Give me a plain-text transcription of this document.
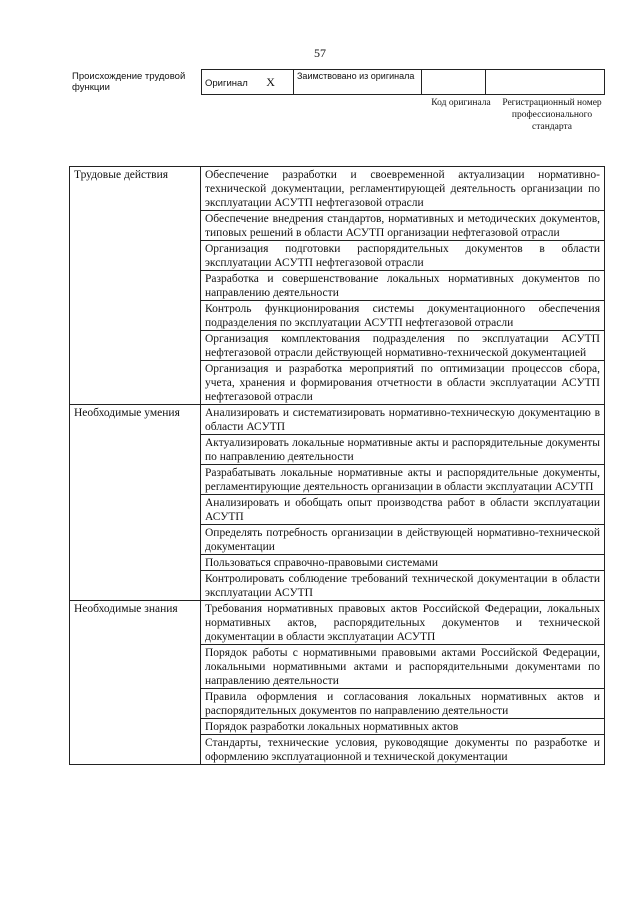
57
Происхождение трудовой функции	Оригинал X	Заимствовано из оригинала		
Код оригинала	Регистрационный номер профессионального стандарта
Трудовые действия	Обеспечение разработки и своевременной актуализации нормативно-технической документации, регламентирующей деятельность организации по эксплуатации АСУТП нефтегазовой отрасли
	Обеспечение внедрения стандартов, нормативных и методических документов, типовых решений в области АСУТП организации нефтегазовой отрасли
	Организация подготовки распорядительных документов в области эксплуатации АСУТП нефтегазовой отрасли
	Разработка и совершенствование локальных нормативных документов по направлению деятельности
	Контроль функционирования системы документационного обеспечения подразделения по эксплуатации АСУТП нефтегазовой отрасли
	Организация комплектования подразделения по эксплуатации АСУТП нефтегазовой отрасли действующей нормативно-технической документацией
	Организация и разработка мероприятий по оптимизации процессов сбора, учета, хранения и формирования отчетности в области эксплуатации АСУТП нефтегазовой отрасли
Необходимые умения	Анализировать и систематизировать нормативно-техническую документацию в области АСУТП
	Актуализировать локальные нормативные акты и распорядительные документы по направлению деятельности
	Разрабатывать локальные нормативные акты и распорядительные документы, регламентирующие деятельность организации в области эксплуатации АСУТП
	Анализировать и обобщать опыт производства работ в области эксплуатации АСУТП
	Определять потребность организации в действующей нормативно-технической документации
	Пользоваться справочно-правовыми системами
	Контролировать соблюдение требований технической документации в области эксплуатации АСУТП
Необходимые знания	Требования нормативных правовых актов Российской Федерации, локальных нормативных актов, распорядительных документов и технической документации в области эксплуатации АСУТП
	Порядок работы с нормативными правовыми актами Российской Федерации, локальными нормативными актами и распорядительными документами по направлению деятельности
	Правила оформления и согласования локальных нормативных актов и распорядительных документов по направлению деятельности
	Порядок разработки локальных нормативных актов
	Стандарты, технические условия, руководящие документы по разработке и оформлению эксплуатационной и технической документации
